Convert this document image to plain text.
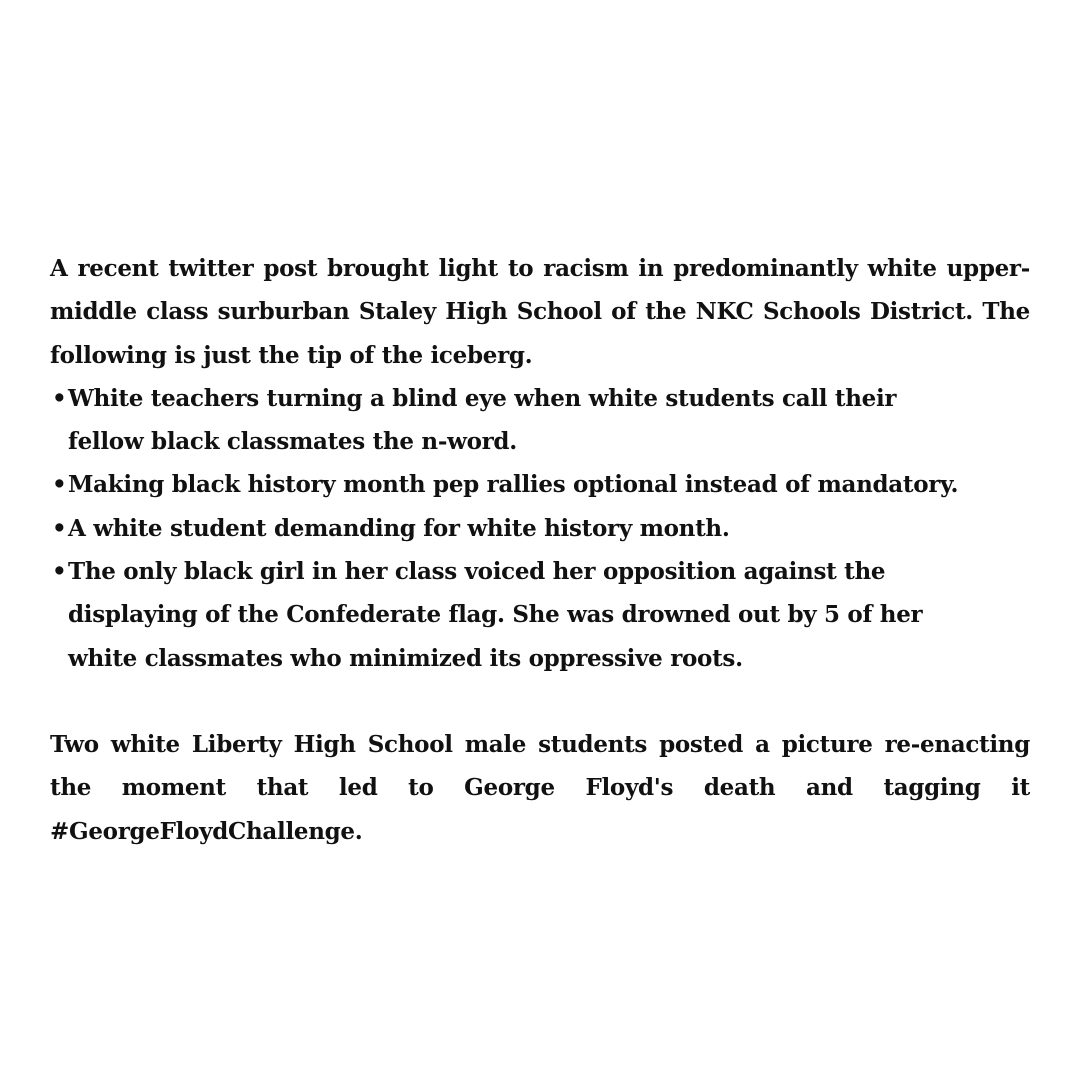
A recent twitter post brought light to racism in predominantly white upper-middle class surburban Staley High School of the NKC Schools District. The following is just the tip of the iceberg.

• White teachers turning a blind eye when white students call their fellow black classmates the n-word.
• Making black history month pep rallies optional instead of mandatory.
• A white student demanding for white history month.
• The only black girl in her class voiced her opposition against the displaying of the Confederate flag. She was drowned out by 5 of her white classmates who minimized its oppressive roots.

Two white Liberty High School male students posted a picture re-enacting the moment that led to George Floyd's death and tagging it #GeorgeFloydChallenge.
